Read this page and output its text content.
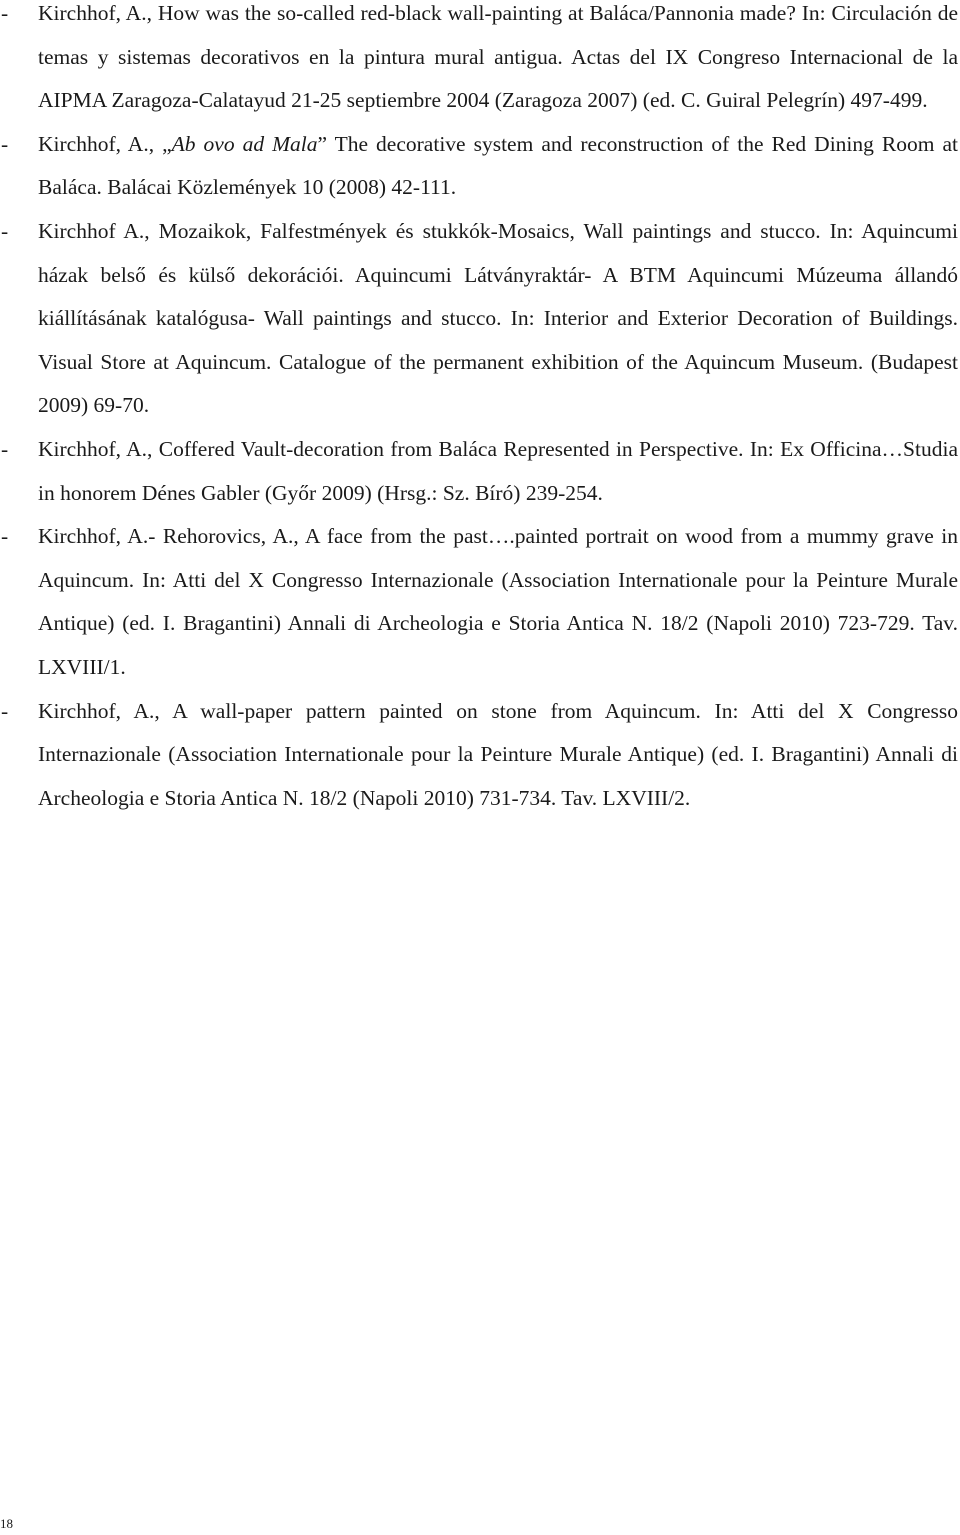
- Kirchhof, A., How was the so-called red-black wall-painting at Baláca/Pannonia made? In: Circulación de temas y sistemas decorativos en la pintura mural antigua. Actas del IX Congreso Internacional de la AIPMA Zaragoza-Calatayud 21-25 septiembre 2004 (Zaragoza 2007) (ed. C. Guiral Pelegrín) 497-499.
- Kirchhof, A., „Ab ovo ad Mala” The decorative system and reconstruction of the Red Dining Room at Baláca. Balácai Közlemények 10 (2008) 42-111.
- Kirchhof A., Mozaikok, Falfestmények és stukkók-Mosaics, Wall paintings and stucco. In: Aquincumi házak belső és külső dekorációi. Aquincumi Látványraktár- A BTM Aquincumi Múzeuma állandó kiállításának katalógusa- Wall paintings and stucco. In: Interior and Exterior Decoration of Buildings. Visual Store at Aquincum. Catalogue of the permanent exhibition of the Aquincum Museum. (Budapest 2009) 69-70.
- Kirchhof, A., Coffered Vault-decoration from Baláca Represented in Perspective. In: Ex Officina…Studia in honorem Dénes Gabler (Győr 2009) (Hrsg.: Sz. Bíró) 239-254.
- Kirchhof, A.- Rehorovics, A., A face from the past….painted portrait on wood from a mummy grave in Aquincum. In: Atti del X Congresso Internazionale (Association Internationale pour la Peinture Murale Antique) (ed. I. Bragantini) Annali di Archeologia e Storia Antica N. 18/2 (Napoli 2010) 723-729. Tav. LXVIII/1.
- Kirchhof, A., A wall-paper pattern painted on stone from Aquincum. In: Atti del X Congresso Internazionale (Association Internationale pour la Peinture Murale Antique) (ed. I. Bragantini) Annali di Archeologia e Storia Antica N. 18/2 (Napoli 2010) 731-734. Tav. LXVIII/2.
18
